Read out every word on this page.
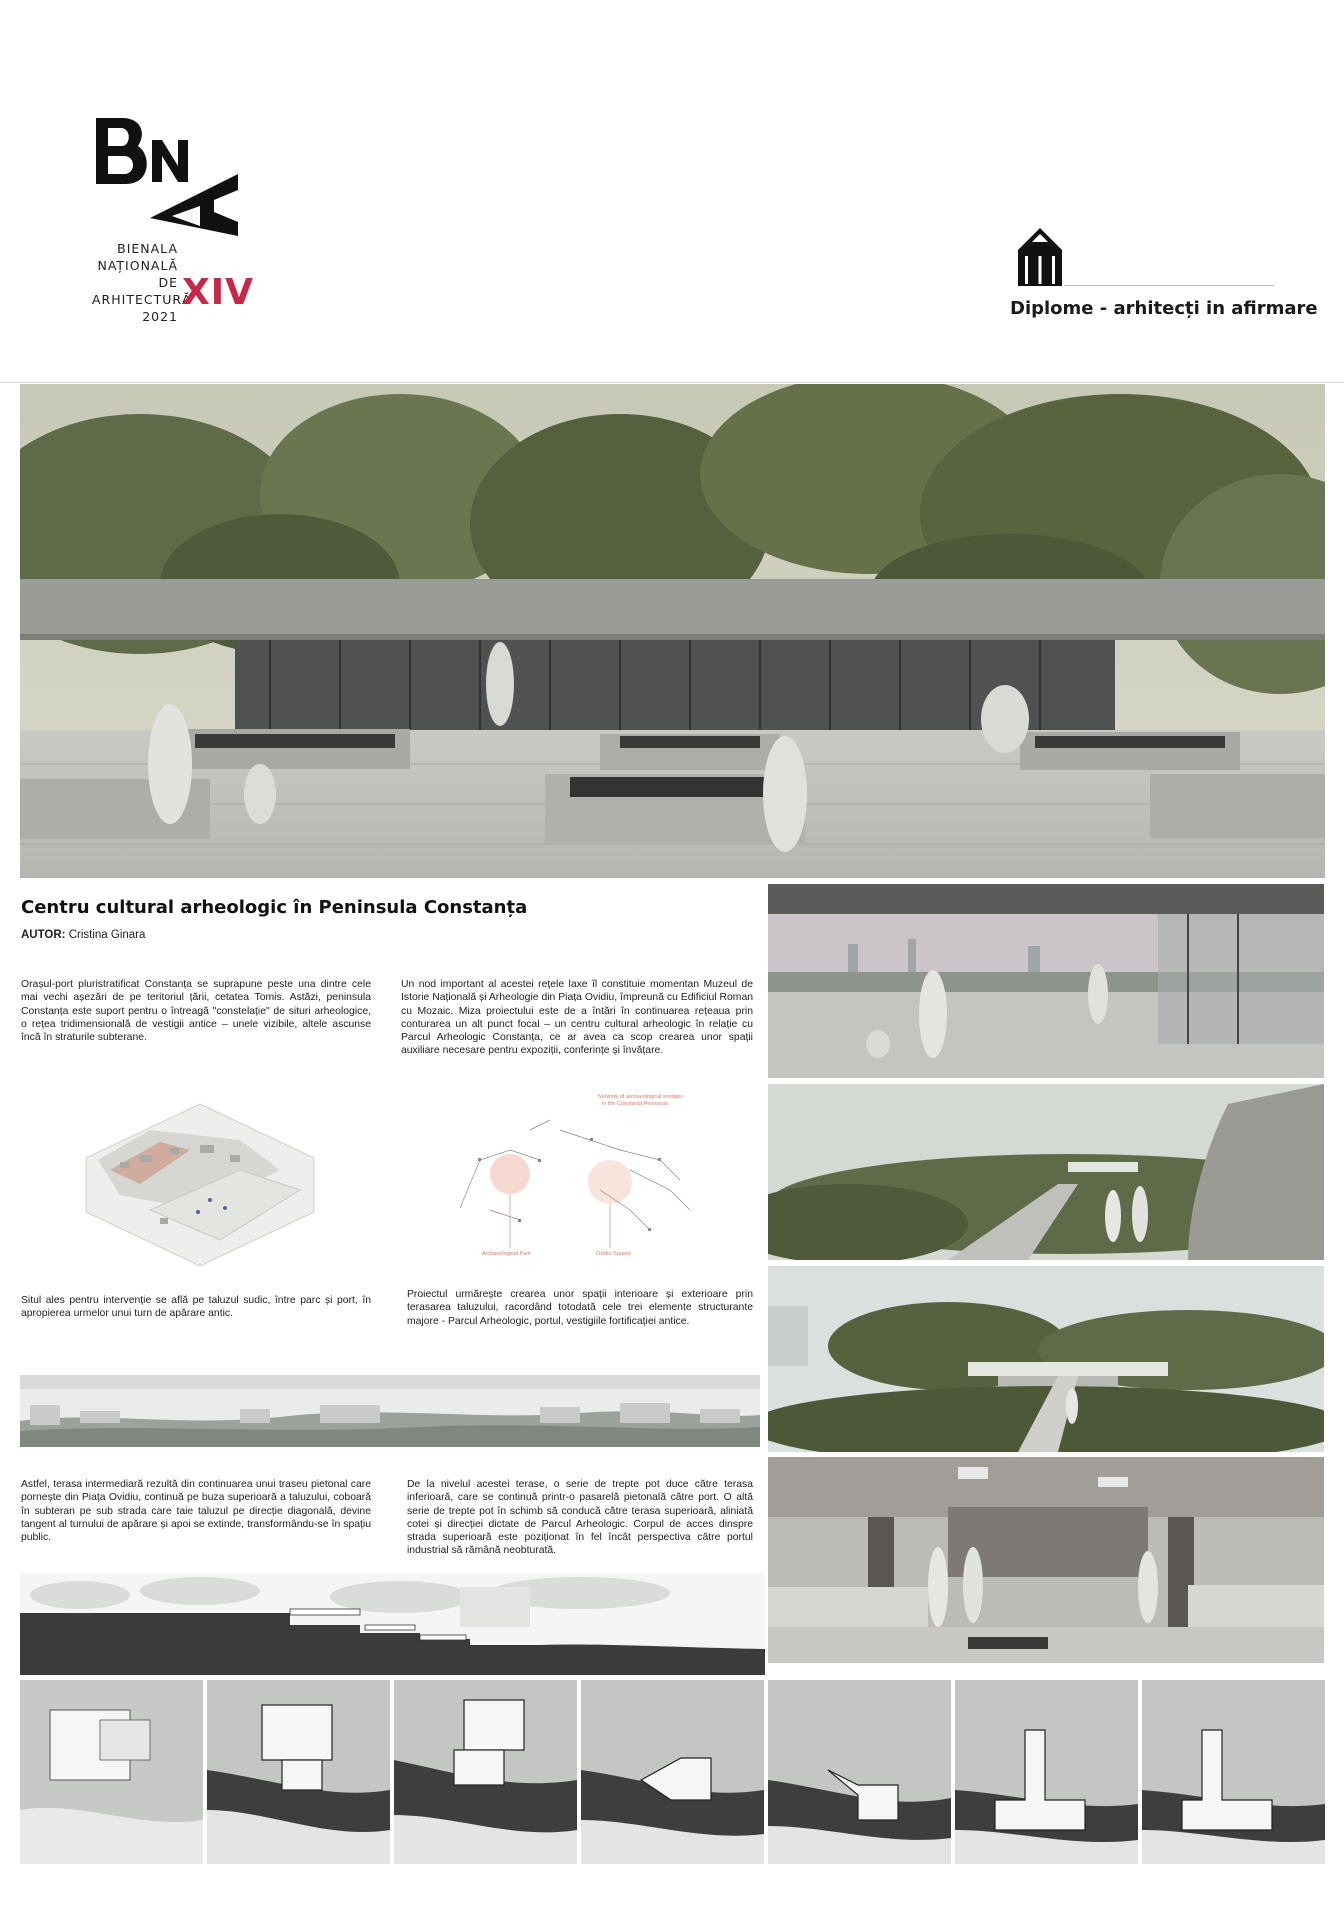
BIENALA
NAȚIONALĂ
DE
ARHITECTURĂ
2021
XIV	Diplome - arhitecți in afirmare
Centru cultural arheologic în Peninsula Constanța
AUTOR: Cristina Ginara
Orașul-port pluristratificat Constanța se suprapune peste una dintre cele mai vechi așezări de pe teritoriul țării, cetatea Tomis. Astăzi, peninsula Constanța este suport pentru o întreagă "constelație" de situri arheologice, o rețea tridimensională de vestigii antice – unele vizibile, altele ascunse încă în straturile subterane.
Un nod important al acestei rețele laxe îl constituie momentan Muzeul de Istorie Națională și Arheologie din Piața Ovidiu, împreună cu Edificiul Roman cu Mozaic. Miza proiectului este de a întări în continuarea rețeaua prin conturarea un alt punct focal – un centru cultural arheologic în relație cu Parcul Arheologic Constanța, ce ar avea ca scop crearea unor spații auxiliare necesare pentru expoziții, conferințe și învățare.
Network of archaeological vestiges
in the Constanta Peninsula
Archaeological Park	Ovidiu Square
Situl ales pentru intervenție se află pe taluzul sudic, între parc și port, în apropierea urmelor unui turn de apărare antic.
Proiectul urmărește crearea unor spații interioare și exterioare prin terasarea taluzului, racordând totodată cele trei elemente structurante majore - Parcul Arheologic, portul, vestigiile fortificației antice.
Astfel, terasa intermediară rezultă din continuarea unui traseu pietonal care pornește din Piața Ovidiu, continuă pe buza superioară a taluzului, coboară în subteran pe sub strada care taie taluzul pe direcție diagonală, devine tangent al turnului de apărare și apoi se extinde, transformându-se în spațiu public.
De la nivelul acestei terase, o serie de trepte pot duce către terasa inferioară, care se continuă printr-o pasarelă pietonală către port. O altă serie de trepte pot în schimb să conducă către terasa superioară, aliniată cotei și direcției dictate de Parcul Arheologic. Corpul de acces dinspre strada superioară este poziționat în fel încât perspectiva către portul industrial să rămână neobturată.
